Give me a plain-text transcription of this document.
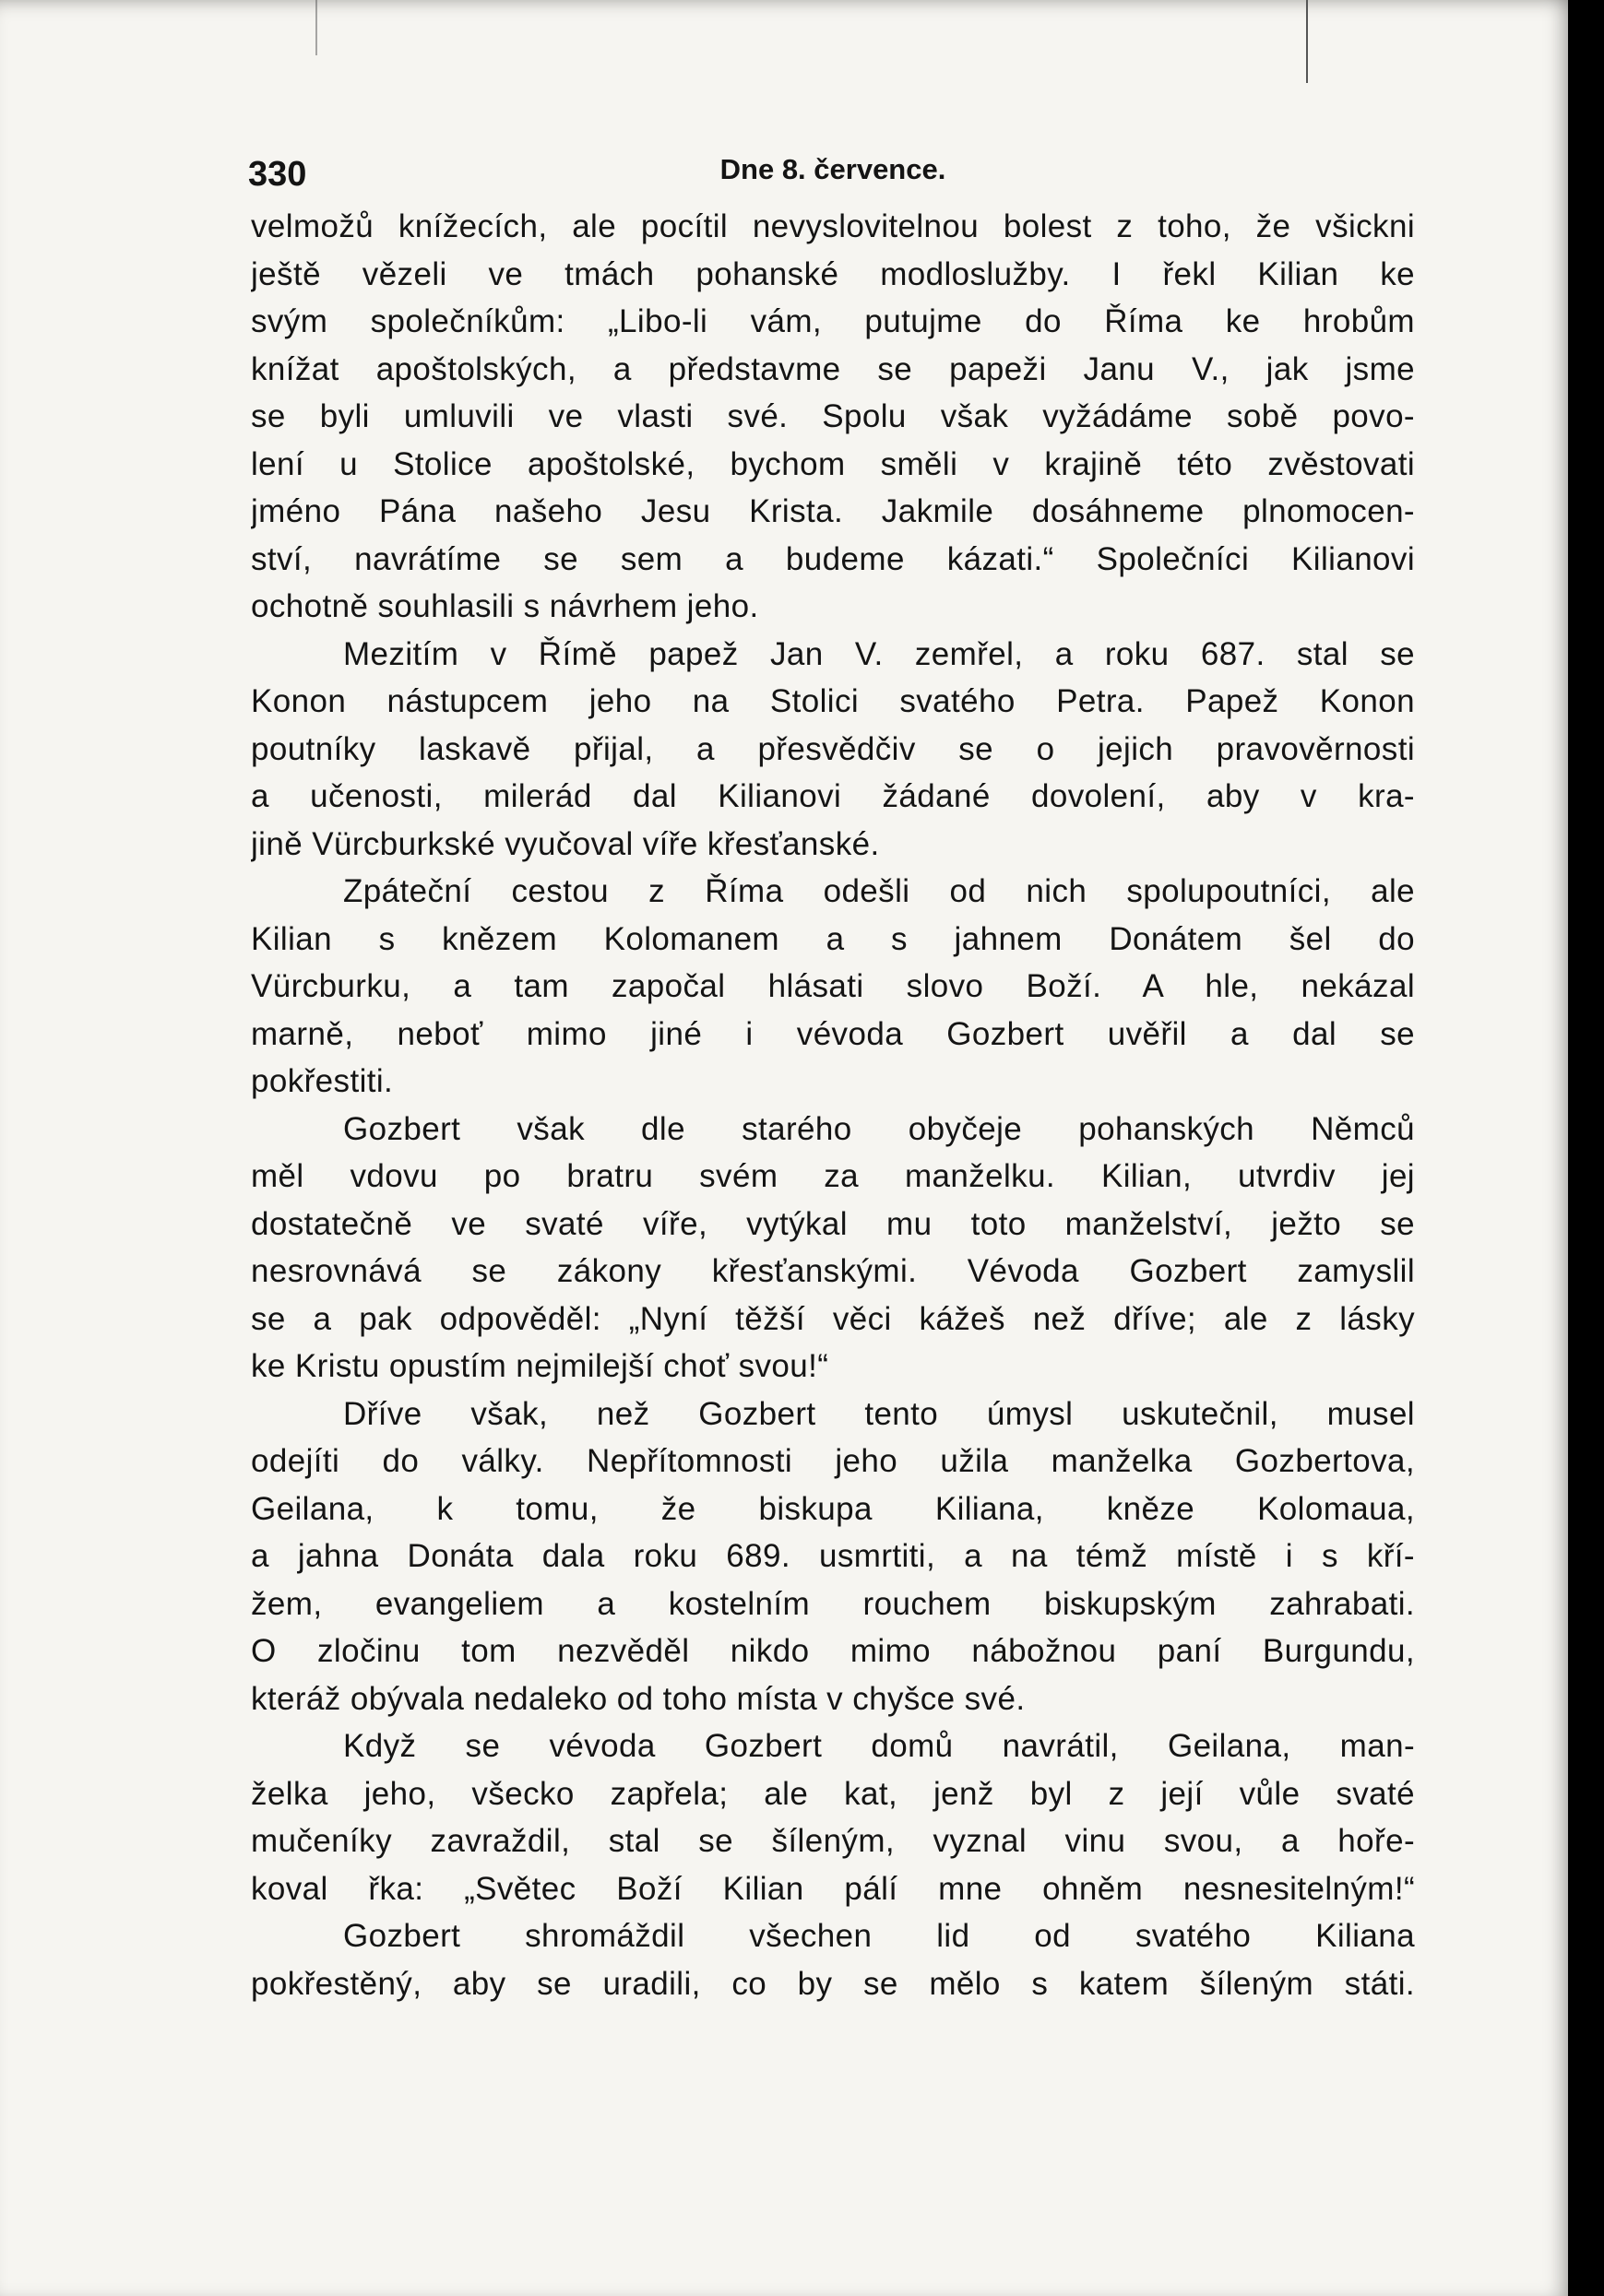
330	Dne 8. července.
velmožů knížecích, ale pocítil nevyslovitelnou bolest z toho, že všickni
ještě vězeli ve tmách pohanské modloslužby. I řekl Kilian ke
svým společníkům: „Libo-li vám, putujme do Říma ke hrobům
knížat apoštolských, a představme se papeži Janu V., jak jsme
se byli umluvili ve vlasti své. Spolu však vyžádáme sobě povo-
lení u Stolice apoštolské, bychom směli v krajině této zvěstovati
jméno Pána našeho Jesu Krista. Jakmile dosáhneme plnomocen-
ství, navrátíme se sem a budeme kázati.“ Společníci Kilianovi
ochotně souhlasili s návrhem jeho.
Mezitím v Římě papež Jan V. zemřel, a roku 687. stal se
Konon nástupcem jeho na Stolici svatého Petra. Papež Konon
poutníky laskavě přijal, a přesvědčiv se o jejich pravověrnosti
a učenosti, milerád dal Kilianovi žádané dovolení, aby v kra-
jině Vürcburkské vyučoval víře křesťanské.
Zpáteční cestou z Říma odešli od nich spolupoutníci, ale
Kilian s knězem Kolomanem a s jahnem Donátem šel do
Vürcburku, a tam započal hlásati slovo Boží. A hle, nekázal
marně, neboť mimo jiné i vévoda Gozbert uvěřil a dal se
pokřestiti.
Gozbert však dle starého obyčeje pohanských Němců
měl vdovu po bratru svém za manželku. Kilian, utvrdiv jej
dostatečně ve svaté víře, vytýkal mu toto manželství, ježto se
nesrovnává se zákony křesťanskými. Vévoda Gozbert zamyslil
se a pak odpověděl: „Nyní těžší věci kážeš než dříve; ale z lásky
ke Kristu opustím nejmilejší choť svou!“
Dříve však, než Gozbert tento úmysl uskutečnil, musel
odejíti do války. Nepřítomnosti jeho užila manželka Gozbertova,
Geilana, k tomu, že biskupa Kiliana, kněze Kolomaua,
a jahna Donáta dala roku 689. usmrtiti, a na témž místě i s kří-
žem, evangeliem a kostelním rouchem biskupským zahrabati.
O zločinu tom nezvěděl nikdo mimo nábožnou paní Burgundu,
kteráž obývala nedaleko od toho místa v chyšce své.
Když se vévoda Gozbert domů navrátil, Geilana, man-
želka jeho, všecko zapřela; ale kat, jenž byl z její vůle svaté
mučeníky zavraždil, stal se šíleným, vyznal vinu svou, a hoře-
koval řka: „Světec Boží Kilian pálí mne ohněm nesnesitelným!“
Gozbert shromáždil všechen lid od svatého Kiliana
pokřestěný, aby se uradili, co by se mělo s katem šíleným státi.
